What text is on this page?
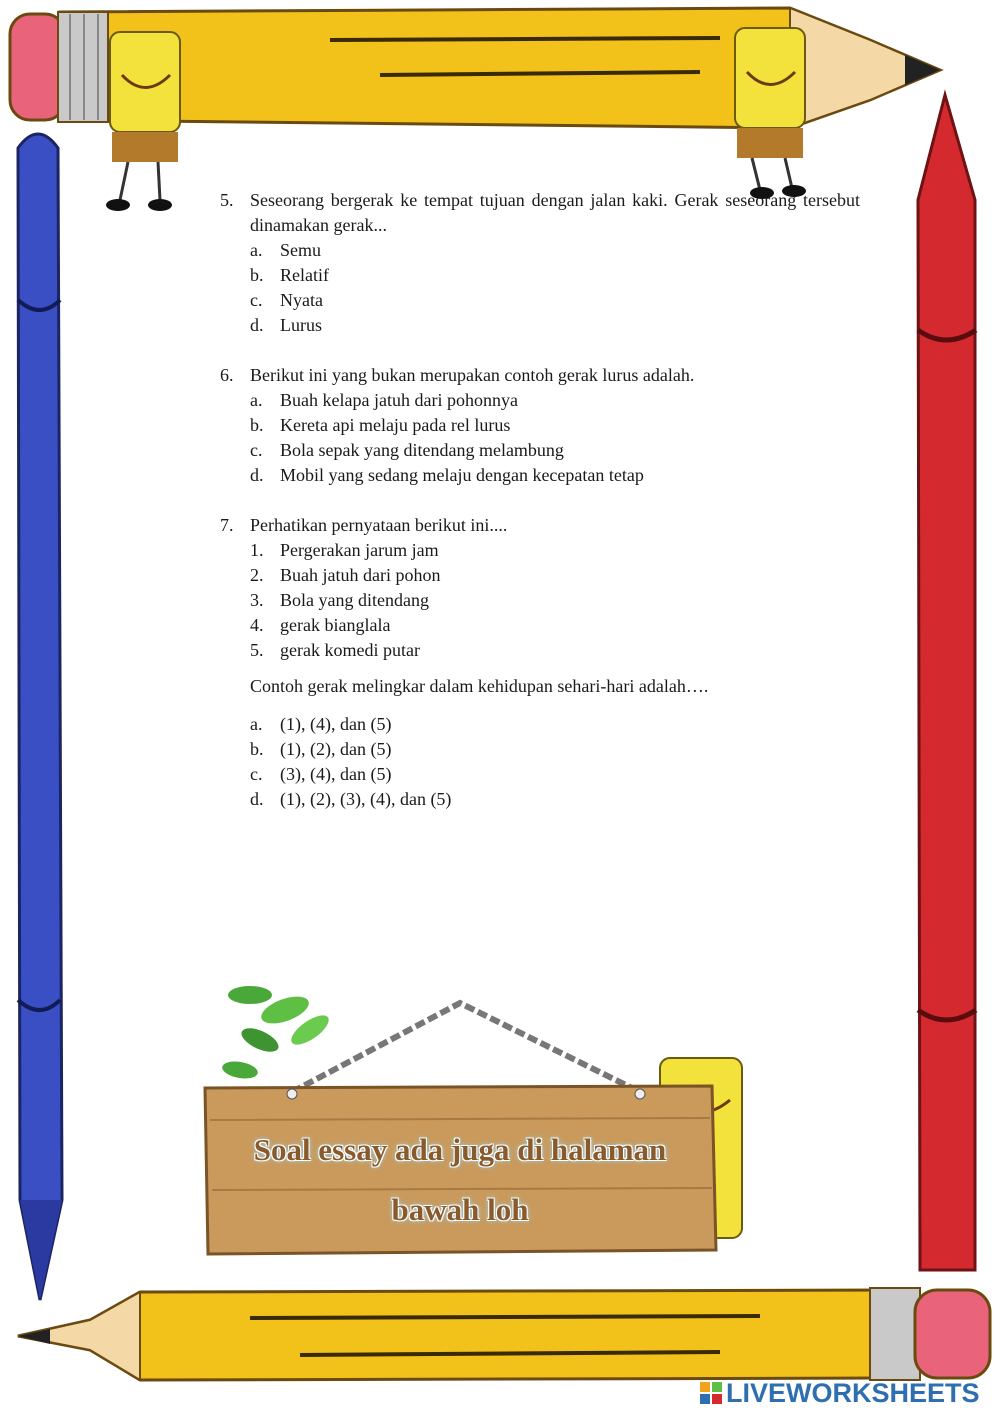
5. Seseorang bergerak ke tempat tujuan dengan jalan kaki. Gerak seseorang tersebut dinamakan gerak...
a. Semu
b. Relatif
c. Nyata
d. Lurus
6. Berikut ini yang bukan merupakan contoh gerak lurus adalah.
a. Buah kelapa jatuh dari pohonnya
b. Kereta api melaju pada rel lurus
c. Bola sepak yang ditendang melambung
d. Mobil yang sedang melaju dengan kecepatan tetap
7. Perhatikan pernyataan berikut ini....
1. Pergerakan jarum jam
2. Buah jatuh dari pohon
3. Bola yang ditendang
4. gerak bianglala
5. gerak komedi putar
Contoh gerak melingkar dalam kehidupan sehari-hari adalah….
a. (1), (4), dan (5)
b. (1), (2), dan (5)
c. (3), (4), dan (5)
d. (1), (2), (3), (4), dan (5)
Soal essay ada juga di halaman
bawah loh
LIVEWORKSHEETS
